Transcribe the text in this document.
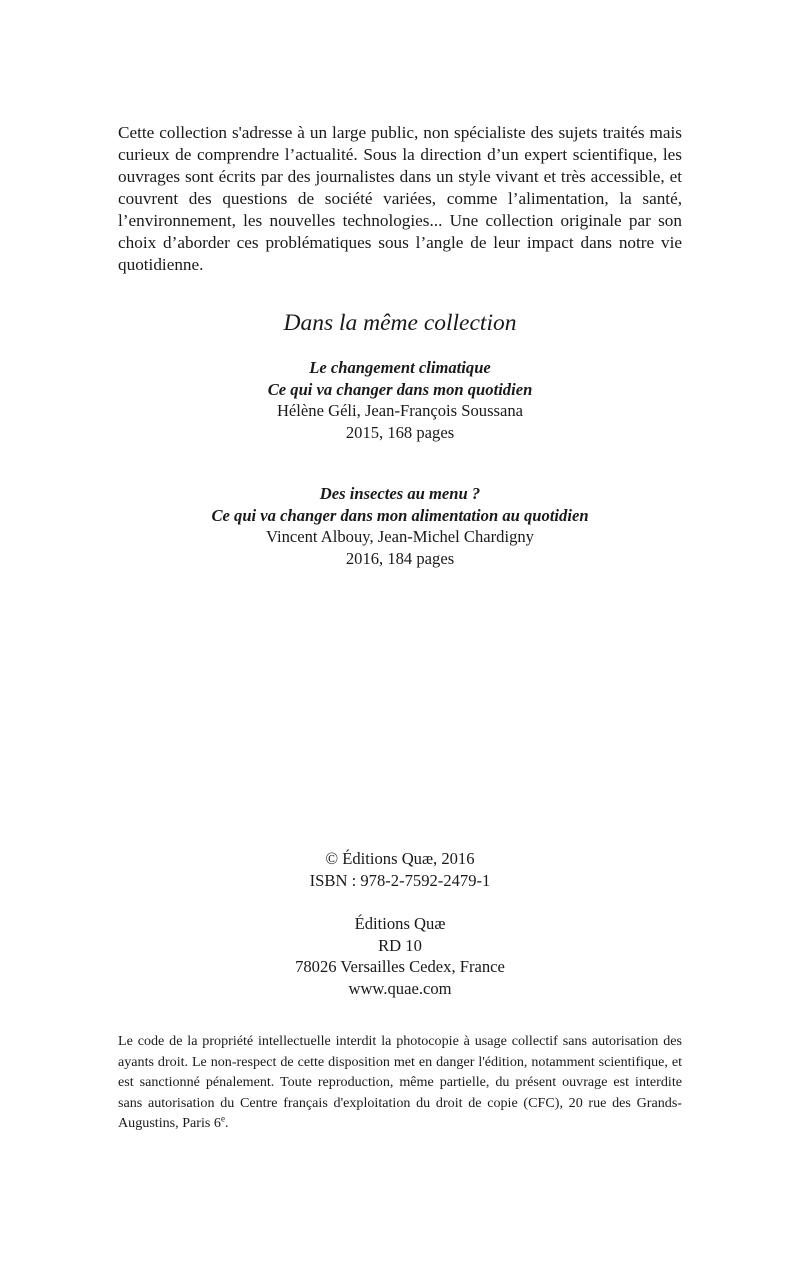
Cette collection s'adresse à un large public, non spécialiste des sujets traités mais curieux de comprendre l’actualité. Sous la direction d’un expert scientifique, les ouvrages sont écrits par des journalistes dans un style vivant et très accessible, et couvrent des questions de société variées, comme l’alimentation, la santé, l’environnement, les nouvelles technologies... Une collection originale par son choix d’aborder ces problématiques sous l’angle de leur impact dans notre vie quotidienne.

Dans la même collection
Le changement climatique
Ce qui va changer dans mon quotidien
Hélène Géli, Jean-François Soussana
2015, 168 pages
Des insectes au menu ?
Ce qui va changer dans mon alimentation au quotidien
Vincent Albouy, Jean-Michel Chardigny
2016, 184 pages
© Éditions Quæ, 2016
ISBN : 978-2-7592-2479-1
Éditions Quæ
RD 10
78026 Versailles Cedex, France
www.quae.com

Le code de la propriété intellectuelle interdit la photocopie à usage collectif sans autorisation des ayants droit. Le non-respect de cette disposition met en danger l'édition, notamment scientifique, et est sanctionné pénalement. Toute reproduction, même partielle, du présent ouvrage est interdite sans autorisation du Centre français d'exploitation du droit de copie (CFC), 20 rue des Grands-Augustins, Paris 6e.
